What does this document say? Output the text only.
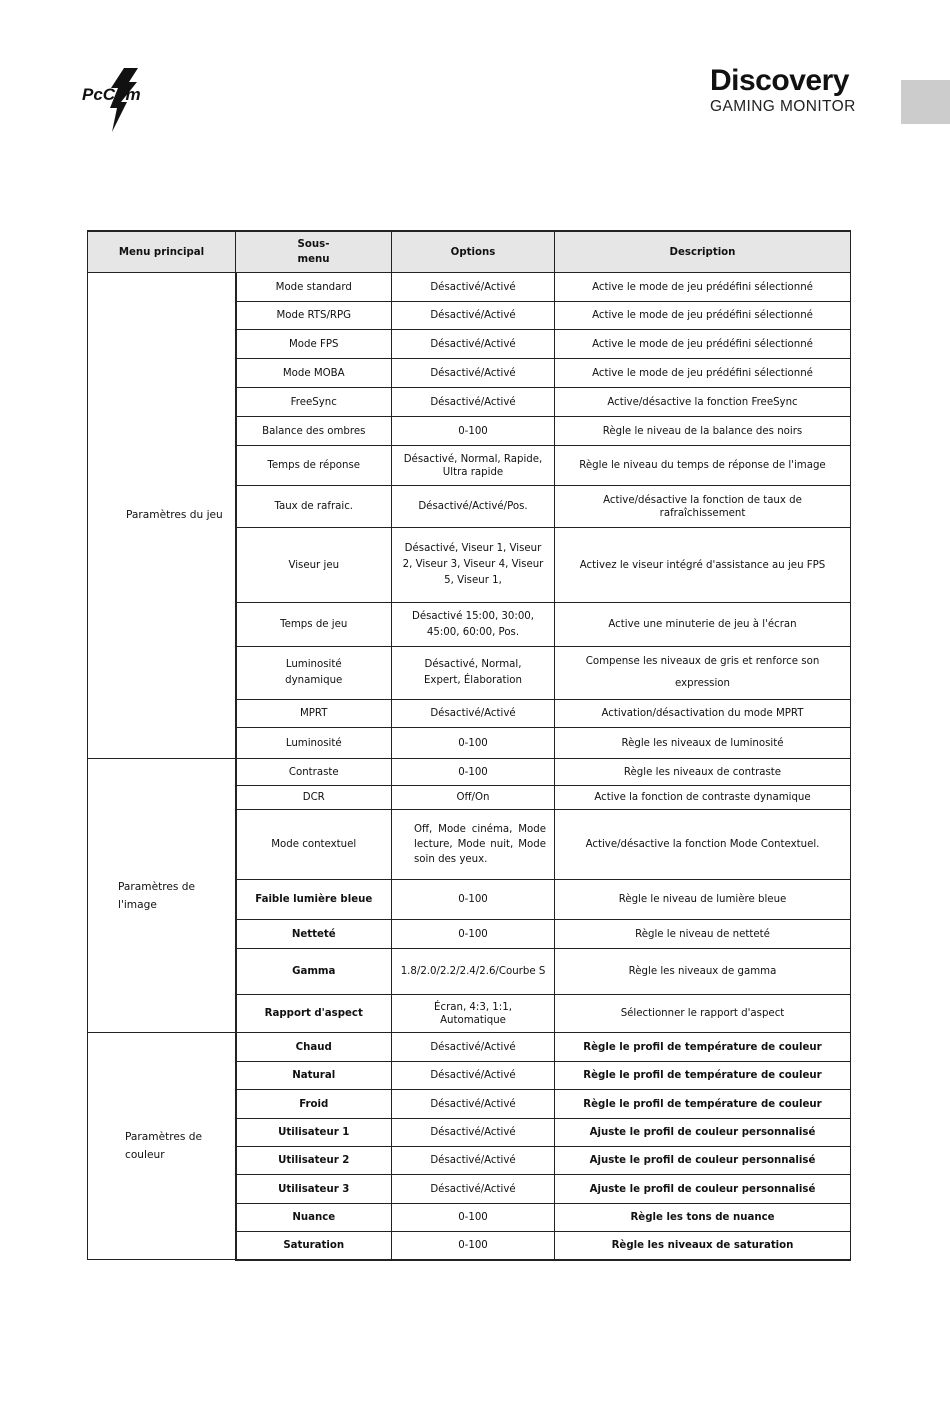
PcCom	Discovery
GAMING MONITOR
Menu principal	Sous-menu	Options	Description
Paramètres du jeu	Mode standard	Désactivé/Activé	Active le mode de jeu prédéfini sélectionné
	Mode RTS/RPG	Désactivé/Activé	Active le mode de jeu prédéfini sélectionné
	Mode FPS	Désactivé/Activé	Active le mode de jeu prédéfini sélectionné
	Mode MOBA	Désactivé/Activé	Active le mode de jeu prédéfini sélectionné
	FreeSync	Désactivé/Activé	Active/désactive la fonction FreeSync
	Balance des ombres	0-100	Règle le niveau de la balance des noirs
	Temps de réponse	Désactivé, Normal, Rapide, Ultra rapide	Règle le niveau du temps de réponse de l'image
	Taux de rafraic.	Désactivé/Activé/Pos.	Active/désactive la fonction de taux de rafraîchissement
	Viseur jeu	Désactivé, Viseur 1, Viseur 2, Viseur 3, Viseur 4, Viseur 5, Viseur 1,	Activez le viseur intégré d'assistance au jeu FPS
	Temps de jeu	Désactivé 15:00, 30:00, 45:00, 60:00, Pos.	Active une minuterie de jeu à l'écran
	Luminosité dynamique	Désactivé, Normal, Expert, Élaboration	Compense les niveaux de gris et renforce son expression
	MPRT	Désactivé/Activé	Activation/désactivation du mode MPRT
	Luminosité	0-100	Règle les niveaux de luminosité
Paramètres de l'image	Contraste	0-100	Règle les niveaux de contraste
	DCR	Off/On	Active la fonction de contraste dynamique
	Mode contextuel	Off, Mode cinéma, Mode lecture, Mode nuit, Mode soin des yeux.	Active/désactive la fonction Mode Contextuel.
	Faible lumière bleue	0-100	Règle le niveau de lumière bleue
	Netteté	0-100	Règle le niveau de netteté
	Gamma	1.8/2.0/2.2/2.4/2.6/Courbe S	Règle les niveaux de gamma
	Rapport d'aspect	Écran, 4:3, 1:1, Automatique	Sélectionner le rapport d'aspect
Paramètres de couleur	Chaud	Désactivé/Activé	Règle le profil de température de couleur
	Natural	Désactivé/Activé	Règle le profil de température de couleur
	Froid	Désactivé/Activé	Règle le profil de température de couleur
	Utilisateur 1	Désactivé/Activé	Ajuste le profil de couleur personnalisé
	Utilisateur 2	Désactivé/Activé	Ajuste le profil de couleur personnalisé
	Utilisateur 3	Désactivé/Activé	Ajuste le profil de couleur personnalisé
	Nuance	0-100	Règle les tons de nuance
	Saturation	0-100	Règle les niveaux de saturation
